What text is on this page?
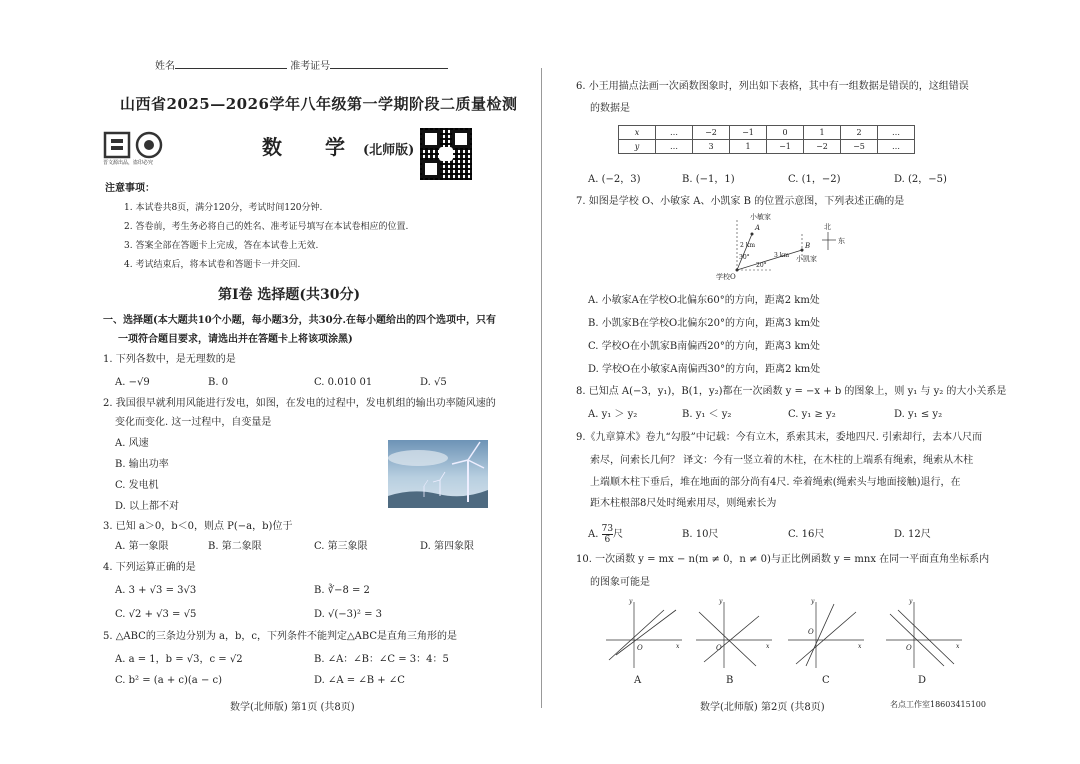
姓名	准考证号
山西省2025—2026学年八年级第一学期阶段二质量检测
晋文源出品，盗印必究
数 学(北师版)
注意事项：
1. 本试卷共8页，满分120分，考试时间120分钟.
2. 答卷前，考生务必将自己的姓名、准考证号填写在本试卷相应的位置.
3. 答案全部在答题卡上完成，答在本试卷上无效.
4. 考试结束后，将本试卷和答题卡一并交回.
第Ⅰ卷 选择题(共30分)
一、选择题(本大题共10个小题，每小题3分，共30分.在每小题给出的四个选项中，只有
一项符合题目要求，请选出并在答题卡上将该项涂黑)
1. 下列各数中，是无理数的是
A. −√9	B. 0	C. 0.010 01	D. √5
2. 我国很早就利用风能进行发电，如图，在发电的过程中，发电机组的输出功率随风速的
变化而变化. 这一过程中，自变量是
A. 风速
B. 输出功率
C. 发电机
D. 以上都不对
3. 已知 a＞0，b＜0，则点 P(−a，b)位于
A. 第一象限	B. 第二象限	C. 第三象限	D. 第四象限
4. 下列运算正确的是
A. 3 + √3 = 3√3	B. ∛−8 = 2
C. √2 + √3 = √5	D. √(−3)² = 3
5. △ABC的三条边分别为 a，b，c，下列条件不能判定△ABC是直角三角形的是
A. a = 1，b = √3，c = √2	B. ∠A：∠B：∠C = 3：4：5
C. b² = (a + c)(a − c)	D. ∠A = ∠B + ∠C
数学(北师版) 第1页 (共8页)
6. 小王用描点法画一次函数图象时，列出如下表格，其中有一组数据是错误的，这组错误
的数据是
x	…	−2	−1	0	1	2	…
y	…	3	1	−1	−2	−5	…
A. (−2，3)	B. (−1，1)	C. (1，−2)	D. (2，−5)
7. 如图是学校 O、小敏家 A、小凯家 B 的位置示意图，下列表述正确的是
小敏家
A
2 km
30°	3 km
20°
B
小凯家
学校O
北
东
A. 小敏家A在学校O北偏东60°的方向，距离2 km处
B. 小凯家B在学校O北偏东20°的方向，距离3 km处
C. 学校O在小凯家B南偏西20°的方向，距离3 km处
D. 学校O在小敏家A南偏西30°的方向，距离2 km处
8. 已知点 A(−3，y₁)，B(1，y₂)都在一次函数 y = −x + b 的图象上，则 y₁ 与 y₂ 的大小关系是
A. y₁ ＞ y₂	B. y₁ ＜ y₂	C. y₁ ≥ y₂	D. y₁ ≤ y₂
9.《九章算术》卷九“勾股”中记载：今有立木，系索其末，委地四尺. 引索却行，去本八尺而
索尽，问索长几何？ 译文：今有一竖立着的木柱，在木柱的上端系有绳索，绳索从木柱
上端顺木柱下垂后，堆在地面的部分尚有4尺. 牵着绳索(绳索头与地面接触)退行，在
距木柱根部8尺处时绳索用尽，则绳索长为
A. $\frac{73}{6}$ 尺	B. 10尺	C. 16尺	D. 12尺
10. 一次函数 y = mx − n(m ≠ 0，n ≠ 0)与正比例函数 y = mnx 在同一平面直角坐标系内
的图象可能是
O	x
y
A
O	x
y
B
O
x
y
C
O	x
y
D
数学(北师版) 第2页 (共8页)	名点工作室18603415100
